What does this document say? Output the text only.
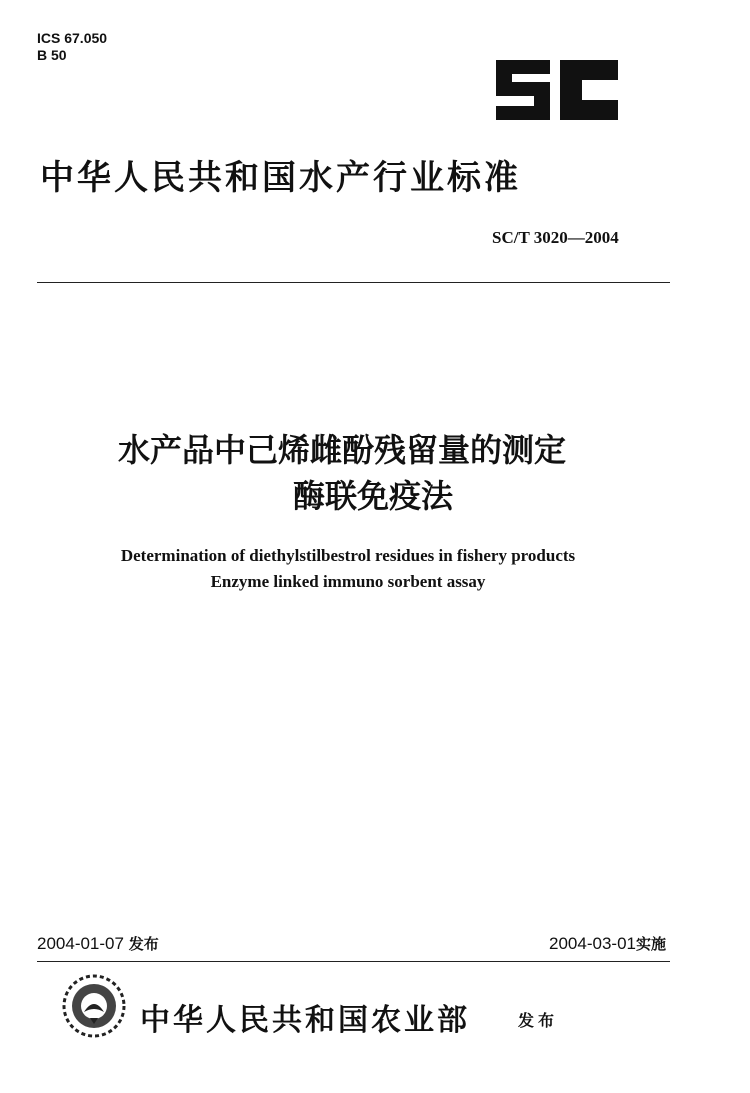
ICS 67.050
B 50
中华人民共和国水产行业标准
SC/T 3020—2004
水产品中己烯雌酚残留量的测定
酶联免疫法
Determination of diethylstilbestrol residues in fishery products
Enzyme linked immuno sorbent assay
2004-01-07 发布	2004-03-01实施
中华人民共和国农业部	发布
